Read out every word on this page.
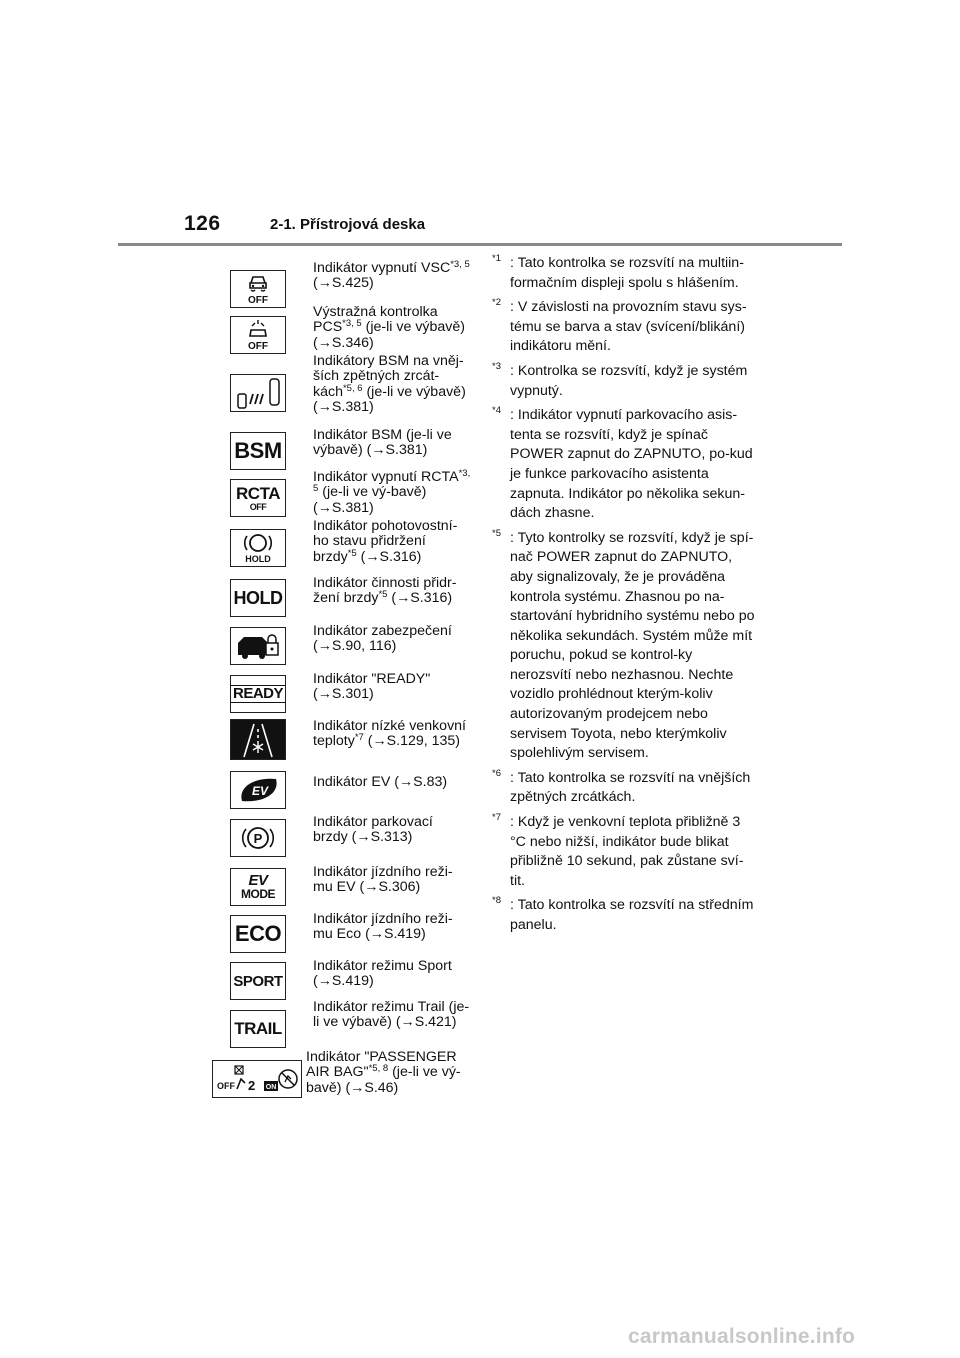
126	2-1. Přístrojová deska
OFF
Indikátor vypnutí VSC$^{*3, 5}$
(→S.425)
OFF
Výstražná kontrolka PCS$^{*3, 5}$ (je-li ve výbavě)
(→S.346)
Indikátory BSM na vněj-ších zpětných zrcát-kách$^{*5, 6}$ (je-li ve výbavě) (→S.381)
BSM
Indikátor BSM (je-li ve výbavě) (→S.381)
RCTA
OFF
Indikátor vypnutí RCTA$^{*3, 5}$ (je-li ve vý-bavě) (→S.381)
HOLD
Indikátor pohotovostní-ho stavu přidržení brzdy$^{*5}$ (→S.316)
HOLD
Indikátor činnosti přidr-žení brzdy$^{*5}$ (→S.316)
Indikátor zabezpečení
(→S.90, 116)
READY
Indikátor "READY"
(→S.301)
Indikátor nízké venkovní teploty$^{*7}$ (→S.129, 135)
EV
Indikátor EV (→S.83)
P
Indikátor parkovací brzdy (→S.313)
EV
MODE
Indikátor jízdního reži-mu EV (→S.306)
ECO
Indikátor jízdního reži-mu Eco (→S.419)
SPORT
Indikátor režimu Sport
(→S.419)
TRAIL
Indikátor režimu Trail (je-li ve výbavě) (→S.421)
OFF 2 ON
Indikátor "PASSENGER AIR BAG"$^{*5, 8}$ (je-li ve vý-bavě) (→S.46)
$^{*1}$ : Tato kontrolka se rozsvítí na multiin-formačním displeji spolu s hlášením.
$^{*2}$ : V závislosti na provozním stavu sys-tému se barva a stav (svícení/blikání) indikátoru mění.
$^{*3}$ : Kontrolka se rozsvítí, když je systém vypnutý.
$^{*4}$ : Indikátor vypnutí parkovacího asis-tenta se rozsvítí, když je spínač POWER zapnut do ZAPNUTO, po-kud je funkce parkovacího asistenta zapnuta. Indikátor po několika sekun-dách zhasne.
$^{*5}$ : Tyto kontrolky se rozsvítí, když je spí-nač POWER zapnut do ZAPNUTO, aby signalizovaly, že je prováděna kontrola systému. Zhasnou po na-startování hybridního systému nebo po několika sekundách. Systém může mít poruchu, pokud se kontrol-ky nerozsvítí nebo nezhasnou. Nechte vozidlo prohlédnout kterým-koliv autorizovaným prodejcem nebo servisem Toyota, nebo kterýmkoliv spolehlivým servisem.
$^{*6}$ : Tato kontrolka se rozsvítí na vnějších zpětných zrcátkách.
$^{*7}$ : Když je venkovní teplota přibližně 3 °C nebo nižší, indikátor bude blikat přibližně 10 sekund, pak zůstane sví-tit.
$^{*8}$ : Tato kontrolka se rozsvítí na středním panelu.
carmanualsonline.info
